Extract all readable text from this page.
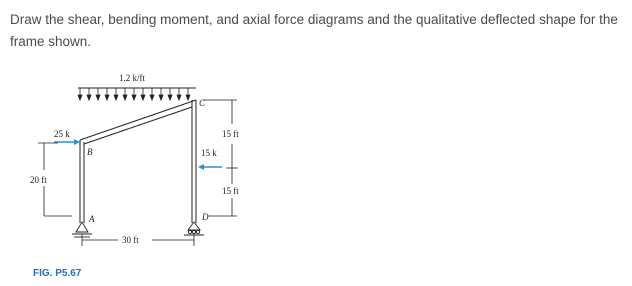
Draw the shear, bending moment, and axial force diagrams and the qualitative deflected shape for the frame shown.
1.2 k/ft
A
B
C
D
25 k
15 k
20 ft
15 ft
15 ft
30 ft
FIG. P5.67
